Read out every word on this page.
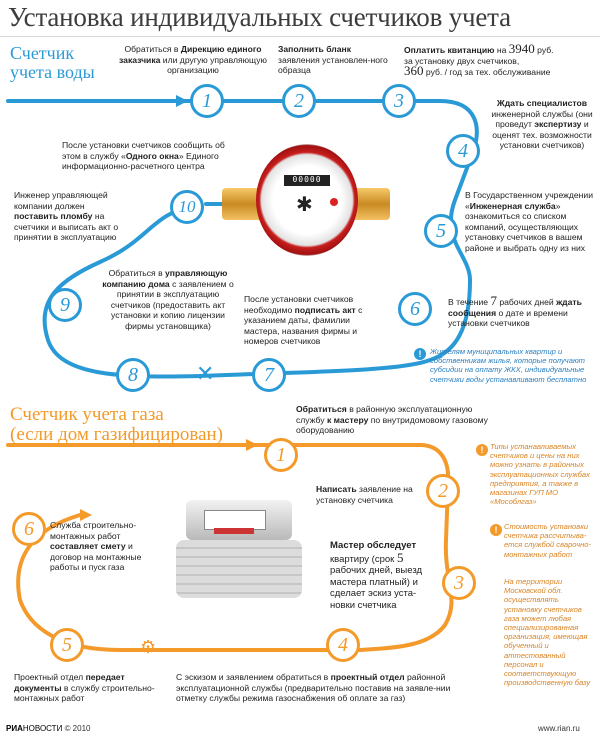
Установка индивидуальных счетчиков учета
Счетчик
учета воды
00000
✱
Обратиться в Дирекцию единого заказчика или другую управляющую организацию
Заполнить бланк заявления установлен-ного образца
Оплатить квитанцию на 3940 руб.
за установку двух счетчиков,
360 руб. / год за тех. обслуживание
Ждать специалистов инженерной службы (они проведут экспертизу и оценят тех. возможности установки счетчиков)
В Государственном учреждении «Инженерная служба» ознакомиться со списком компаний, осуществляющих установку счетчиков в вашем районе и выбрать одну из них
В течение 7 рабочих дней ждать сообщения о дате и времени установки счетчиков
После установки счетчиков необходимо подписать акт с указанием даты, фамилии мастера, названия фирмы и номеров счетчиков
Обратиться в управляющую компанию дома с заявлением о принятии в эксплуатацию счетчиков (предоставить акт установки и копию лицензии фирмы установщика)
Инженер управляющей компании должен поставить пломбу на счетчики и выписать акт о принятии в эксплуатацию
После установки счетчиков сообщить об этом в службу «Одного окна» Единого информационно-расчетного центра
!	Жителям муниципальных квартир и собственникам жилья, которые получают субсидии на оплату ЖКХ, индивидуальные счетчики воды устанавливают бесплатно
1	2	3
4
5
6
7
8
9
10
✕
Счетчик учета газа
(если дом газифицирован)
Обратиться в районную эксплуатационную службу к мастеру по внутридомовому газовому оборудованию
Написать заявление на установку счетчика
Мастер обследует квартиру (срок 5 рабочих дней, выезд мастера платный) и сделает эскиз уста-новки счетчика
С эскизом и заявлением обратиться в проектный отдел районной эксплуатационной службы (предварительно поставив на заявле-нии отметку службы режима газоснабжения об оплате за газ)
Проектный отдел передает документы в службу строительно-монтажных работ
Служба строительно-монтажных работ составляет смету и договор на монтажные работы и пуск газа
! Типы устанавливаемых счетчиков и цены на них можно узнать в районных эксплуатационных службах предприятия, а также в магазинах ГУП МО «Мособлгаз»
! Стоимость установки счетчика рассчитыва-ется службой сварочно- монтажных работ
На территории Московской обл. осуществлять установку счетчиков газа может любая специализированная организация, имеющая обученный и аттестованный персонал и соответствующую производственную базу
1
2
3
4
5
6
⚙
РИАНОВОСТИ © 2010	www.rian.ru
